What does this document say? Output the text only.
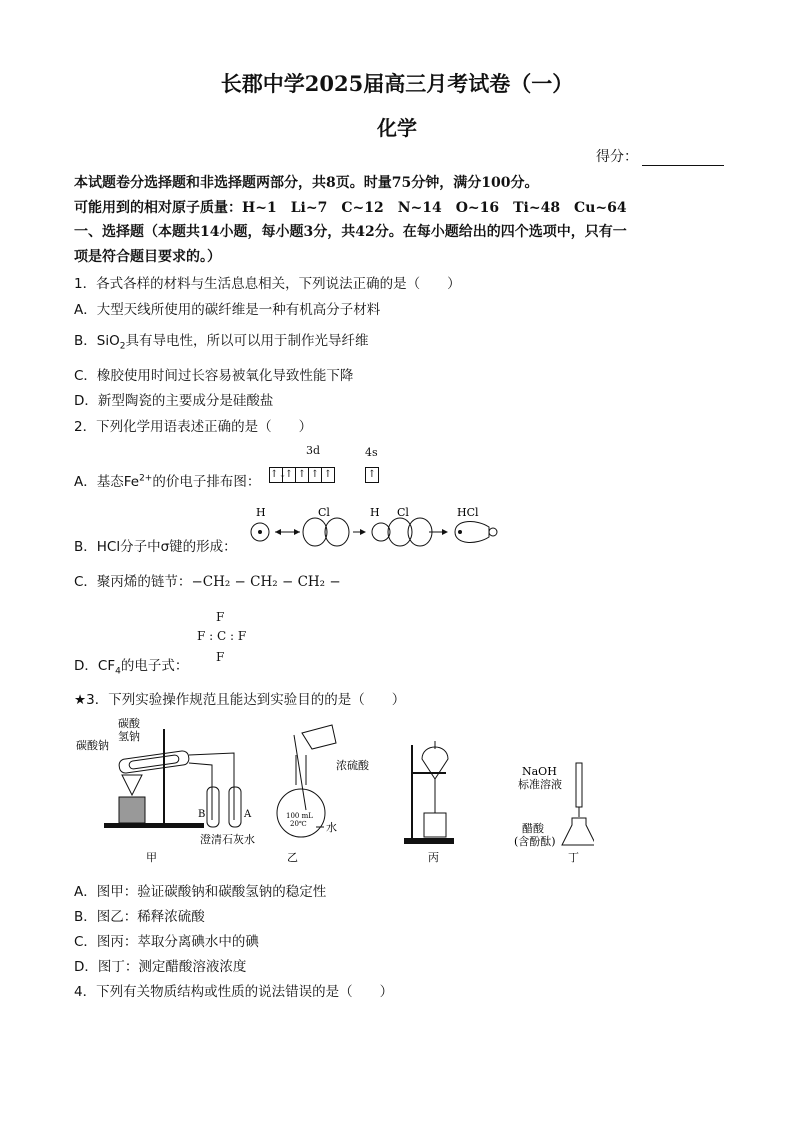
长郡中学2025届高三月考试卷（一）
化学
得分：
本试题卷分选择题和非选择题两部分，共8页。时量75分钟，满分100分。
可能用到的相对原子质量：H~1　Li~7　C~12　N~14　O~16　Ti~48　Cu~64
一、选择题（本题共14小题，每小题3分，共42分。在每小题给出的四个选项中，只有一
项是符合题目要求的。）
1．各式各样的材料与生活息息相关，下列说法正确的是（　　）
A．大型天线所使用的碳纤维是一种有机高分子材料
B．SiO$_2$具有导电性，所以可以用于制作光导纤维
C．橡胶使用时间过长容易被氧化导致性能下降
D．新型陶瓷的主要成分是硅酸盐
2．下列化学用语表述正确的是（　　）
A．基态$Fe^{2+}$的价电子排布图：
3d	4s
↑↓↑ ↑ ↑ ↑	↑
B．HCl分子中σ键的形成：
H	Cl	H Cl	HCl
C．聚丙烯的链节：−CH₂ − CH₂ − CH₂ −
D．$CF_4$的电子式：
F
F : C : F
F
★3．下列实验操作规范且能达到实验目的的是（　　）
碳酸钠
碳酸
氢钠
B	A
澄清石灰水
甲
浓硫酸
100 mL
20℃ 水
乙	丙
NaOH
标准溶液
醋酸
(含酚酞)
丁
A．图甲：验证碳酸钠和碳酸氢钠的稳定性
B．图乙：稀释浓硫酸
C．图丙：萃取分离碘水中的碘
D．图丁：测定醋酸溶液浓度
4．下列有关物质结构或性质的说法错误的是（　　）
